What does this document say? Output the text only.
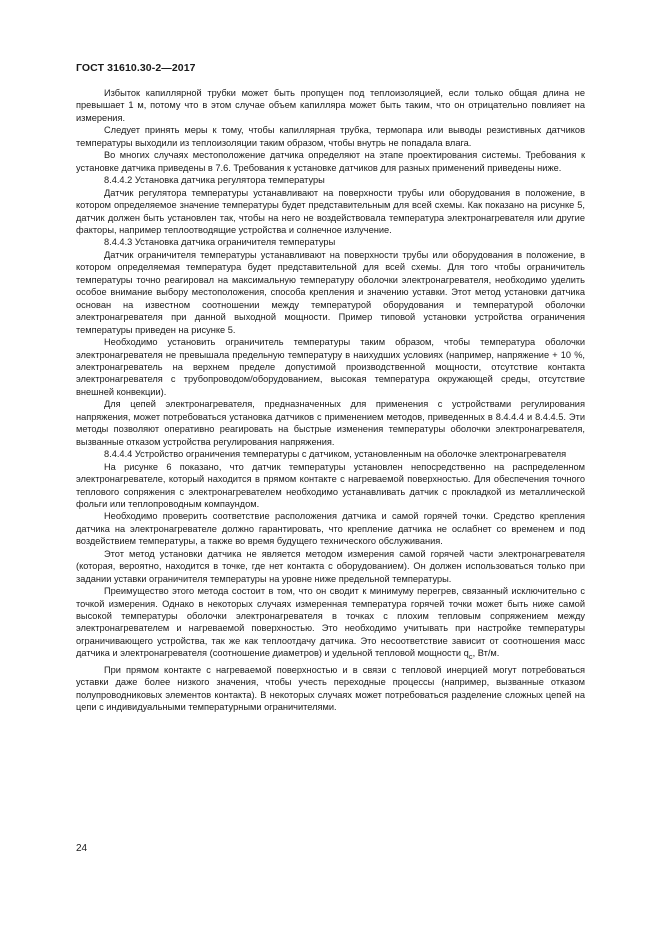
ГОСТ 31610.30-2—2017

Избыток капиллярной трубки может быть пропущен под теплоизоляцией, если только общая длина не превышает 1 м, потому что в этом случае объем капилляра может быть таким, что он отрицательно повлияет на измерения.

Следует принять меры к тому, чтобы капиллярная трубка, термопара или выводы резистивных датчиков температуры выходили из теплоизоляции таким образом, чтобы внутрь не попадала влага.

Во многих случаях местоположение датчика определяют на этапе проектирования системы. Требования к установке датчика приведены в 7.6. Требования к установке датчиков для разных применений приведены ниже.

8.4.4.2 Установка датчика регулятора температуры

Датчик регулятора температуры устанавливают на поверхности трубы или оборудования в положение, в котором определяемое значение температуры будет представительным для всей схемы. Как показано на рисунке 5, датчик должен быть установлен так, чтобы на него не воздействовала температура электронагревателя или другие факторы, например теплоотводящие устройства и солнечное излучение.

8.4.4.3 Установка датчика ограничителя температуры

Датчик ограничителя температуры устанавливают на поверхности трубы или оборудования в положение, в котором определяемая температура будет представительной для всей схемы. Для того чтобы ограничитель температуры точно реагировал на максимальную температуру оболочки электронагревателя, необходимо уделить особое внимание выбору местоположения, способа крепления и значению уставки. Этот метод установки датчика основан на известном соотношении между температурой оборудования и температурой оболочки электронагревателя при данной выходной мощности. Пример типовой установки устройства ограничения температуры приведен на рисунке 5.

Необходимо установить ограничитель температуры таким образом, чтобы температура оболочки электронагревателя не превышала предельную температуру в наихудших условиях (например, напряжение + 10 %, электронагреватель на верхнем пределе допустимой производственной мощности, отсутствие контакта электронагревателя с трубопроводом/оборудованием, высокая температура окружающей среды, отсутствие внешней конвекции).

Для цепей электронагревателя, предназначенных для применения с устройствами регулирования напряжения, может потребоваться установка датчиков с применением методов, приведенных в 8.4.4.4 и 8.4.4.5. Эти методы позволяют оперативно реагировать на быстрые изменения температуры оболочки электронагревателя, вызванные отказом устройства регулирования напряжения.

8.4.4.4 Устройство ограничения температуры с датчиком, установленным на оболочке электронагревателя

На рисунке 6 показано, что датчик температуры установлен непосредственно на распределенном электронагревателе, который находится в прямом контакте с нагреваемой поверхностью. Для обеспечения точного теплового сопряжения с электронагревателем необходимо устанавливать датчик с прокладкой из металлической фольги или теплопроводным компаундом.

Необходимо проверить соответствие расположения датчика и самой горячей точки. Средство крепления датчика на электронагревателе должно гарантировать, что крепление датчика не ослабнет со временем и под воздействием температуры, а также во время будущего технического обслуживания.

Этот метод установки датчика не является методом измерения самой горячей части электронагревателя (которая, вероятно, находится в точке, где нет контакта с оборудованием). Он должен использоваться только при задании уставки ограничителя температуры на уровне ниже предельной температуры.

Преимущество этого метода состоит в том, что он сводит к минимуму перегрев, связанный исключительно с точкой измерения. Однако в некоторых случаях измеренная температура горячей точки может быть ниже самой высокой температуры оболочки электронагревателя в точках с плохим тепловым сопряжением между электронагревателем и нагреваемой поверхностью. Это необходимо учитывать при настройке температуры ограничивающего устройства, так же как теплоотдачу датчика. Это несоответствие зависит от соотношения масс датчика и электронагревателя (соотношение диаметров) и удельной тепловой мощности $q_c$, Вт/м.

При прямом контакте с нагреваемой поверхностью и в связи с тепловой инерцией могут потребоваться уставки даже более низкого значения, чтобы учесть переходные процессы (например, вызванные отказом полупроводниковых элементов контакта). В некоторых случаях может потребоваться разделение сложных цепей на цепи с индивидуальными температурными ограничителями.

24
